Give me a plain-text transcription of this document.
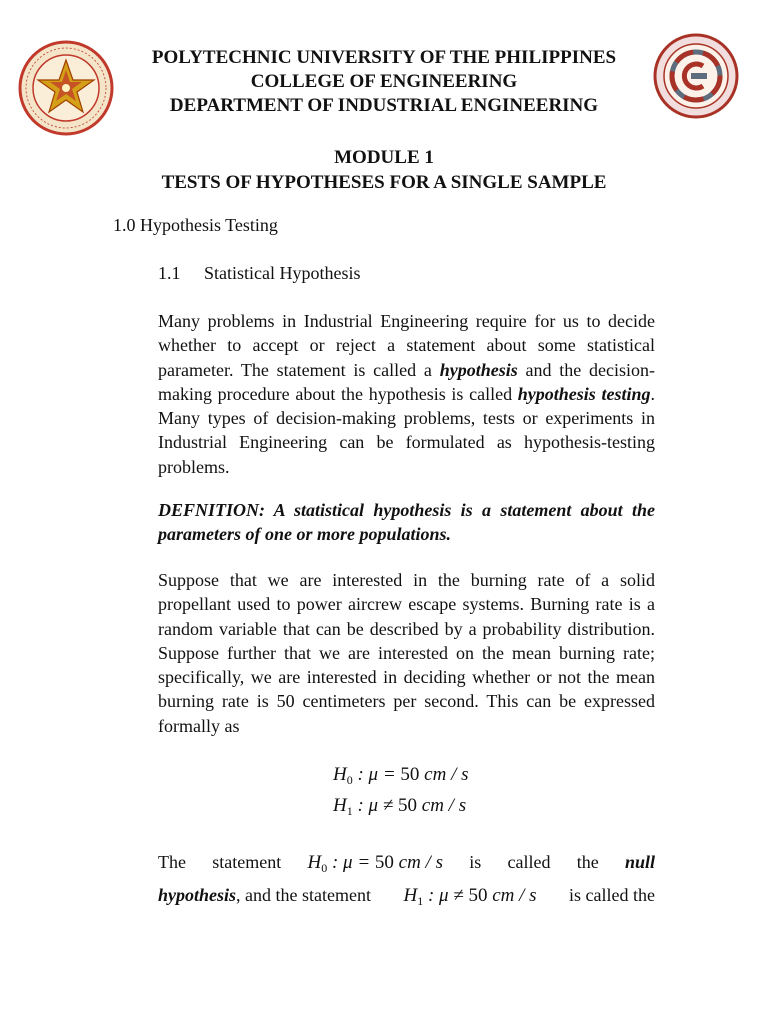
POLYTECHNIC UNIVERSITY OF THE PHILIPPINES
COLLEGE OF ENGINEERING
DEPARTMENT OF INDUSTRIAL ENGINEERING
MODULE 1
TESTS OF HYPOTHESES FOR A SINGLE SAMPLE
1.0 Hypothesis Testing
1.1 Statistical Hypothesis
Many problems in Industrial Engineering require for us to decide whether to accept or reject a statement about some statistical parameter. The statement is called a hypothesis and the decision-making procedure about the hypothesis is called hypothesis testing. Many types of decision-making problems, tests or experiments in Industrial Engineering can be formulated as hypothesis-testing problems.
DEFNITION: A statistical hypothesis is a statement about the parameters of one or more populations.
Suppose that we are interested in the burning rate of a solid propellant used to power aircrew escape systems. Burning rate is a random variable that can be described by a probability distribution. Suppose further that we are interested on the mean burning rate; specifically, we are interested in deciding whether or not the mean burning rate is 50 centimeters per second. This can be expressed formally as
$H_0$ : μ = 50 cm / s
$H_1$ : μ ≠ 50 cm / s
The statement $H_0$ : μ = 50 cm / s is called the null
hypothesis, and the statement $H_1$ : μ ≠ 50 cm / s is called the
